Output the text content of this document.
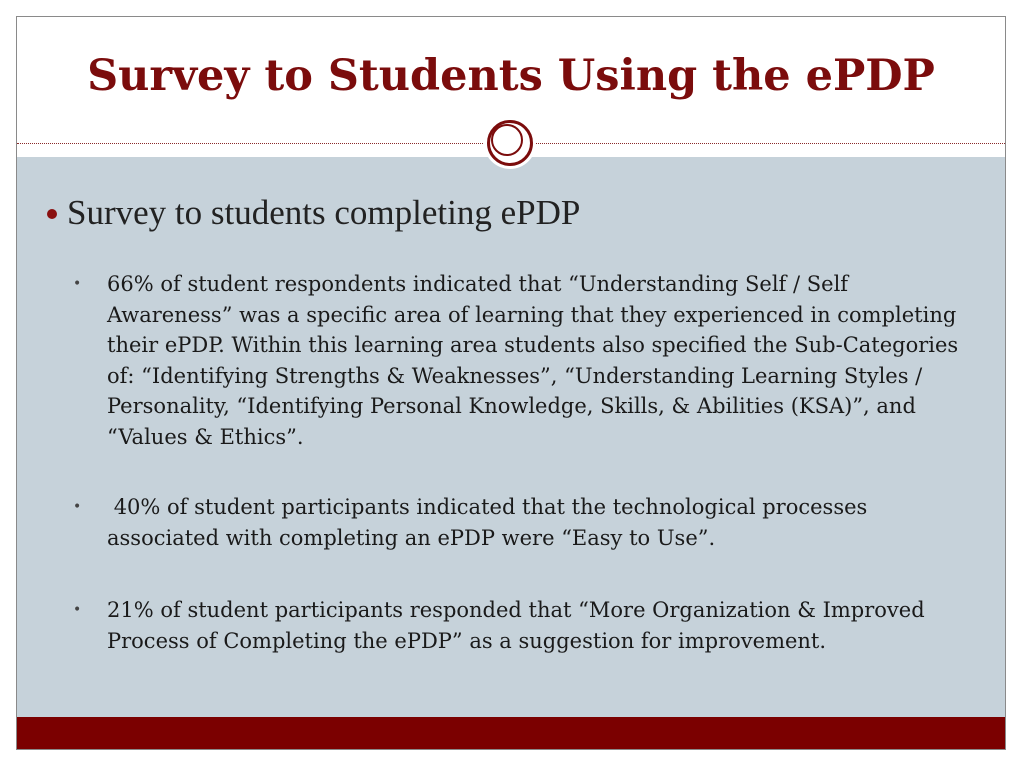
Survey to Students Using the ePDP
Survey to students completing ePDP
• 66% of student respondents indicated that “Understanding Self / Self Awareness” was a specific area of learning that they experienced in completing their ePDP. Within this learning area students also specified the Sub-Categories of: “Identifying Strengths & Weaknesses”, “Understanding Learning Styles / Personality, “Identifying Personal Knowledge, Skills, & Abilities (KSA)”, and “Values & Ethics”.
• 40% of student participants indicated that the technological processes associated with completing an ePDP were “Easy to Use”.
• 21% of student participants responded that “More Organization & Improved Process of Completing the ePDP” as a suggestion for improvement.
